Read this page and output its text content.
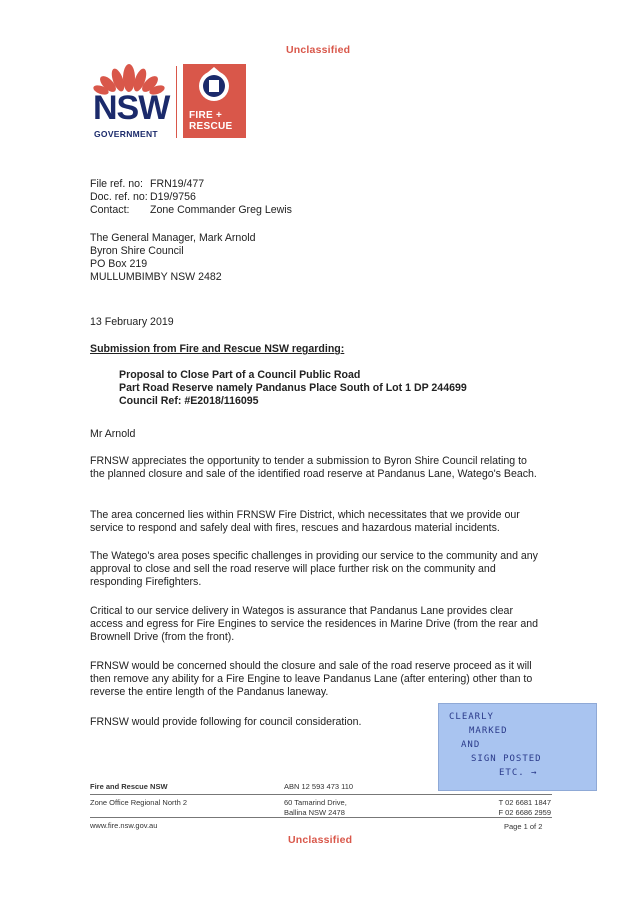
Unclassified
NSW
GOVERNMENT
FIRE +
RESCUE
File ref. no: FRN19/477
Doc. ref. no: D19/9756
Contact: Zone Commander Greg Lewis
The General Manager, Mark Arnold
Byron Shire Council
PO Box 219
MULLUMBIMBY NSW 2482
13 February 2019
Submission from Fire and Rescue NSW regarding:
Proposal to Close Part of a Council Public Road
Part Road Reserve namely Pandanus Place South of Lot 1 DP 244699
Council Ref: #E2018/116095
Mr Arnold
FRNSW appreciates the opportunity to tender a submission to Byron Shire Council relating to the planned closure and sale of the identified road reserve at Pandanus Lane, Watego's Beach.
The area concerned lies within FRNSW Fire District, which necessitates that we provide our service to respond and safely deal with fires, rescues and hazardous material incidents.
The Watego's area poses specific challenges in providing our service to the community and any approval to close and sell the road reserve will place further risk on the community and responding Firefighters.
Critical to our service delivery in Wategos is assurance that Pandanus Lane provides clear access and egress for Fire Engines to service the residences in Marine Drive (from the rear and Brownell Drive (from the front).
FRNSW would be concerned should the closure and sale of the road reserve proceed as it will then remove any ability for a Fire Engine to leave Pandanus Lane (after entering) other than to reverse the entire length of the Pandanus laneway.
FRNSW would provide following for council consideration.	CLEARLY
MARKED
AND
SIGN POSTED
ETC. →
Fire and Rescue NSW	ABN 12 593 473 110
Zone Office Regional North 2	60 Tamarind Drive,
Ballina NSW 2478
T 02 6681 1847
F 02 6686 2959
www.fire.nsw.gov.au	Page 1 of 2
Unclassified
